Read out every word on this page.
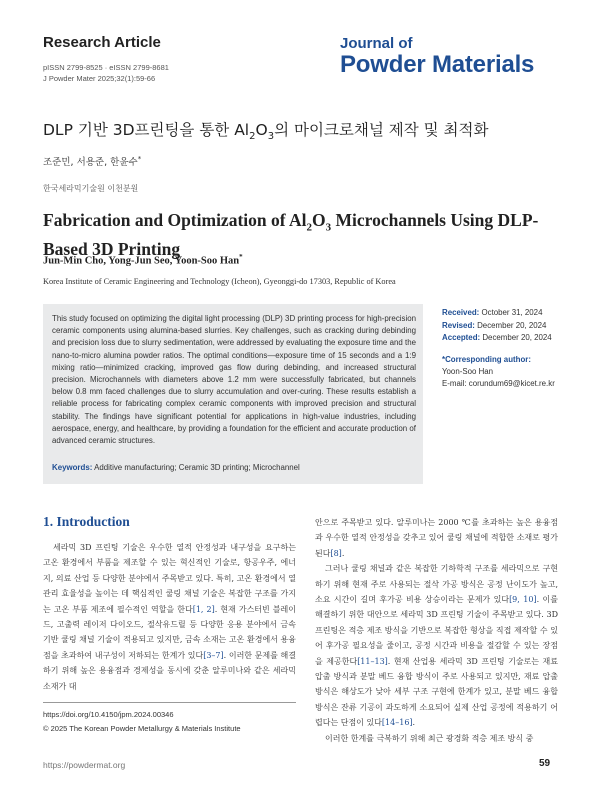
Research Article
pISSN 2799-8525 · eISSN 2799-8681
J Powder Mater 2025;32(1):59-66
Journal of
Powder Materials
DLP 기반 3D프린팅을 통한 $Al_2O_3$의 마이크로채널 제작 및 최적화
조준민, 서용준, 한윤수*
한국세라믹기술원 이천분원
Fabrication and Optimization of $Al_2O_3$ Microchannels Using DLP-Based 3D Printing
Jun-Min Cho, Yong-Jun Seo, Yoon-Soo Han*
Korea Institute of Ceramic Engineering and Technology (Icheon), Gyeonggi-do 17303, Republic of Korea
This study focused on optimizing the digital light processing (DLP) 3D printing process for high-precision ceramic components using alumina-based slurries. Key challenges, such as cracking during debinding and precision loss due to slurry sedimentation, were addressed by evaluating the exposure time and the nano-to-micro alumina powder ratios. The optimal conditions—exposure time of 15 seconds and a 1:9 mixing ratio—minimized cracking, improved gas flow during debinding, and increased structural precision. Microchannels with diameters above 1.2 mm were successfully fabricated, but channels below 0.8 mm faced challenges due to slurry accumulation and over-curing. These results establish a reliable process for fabricating complex ceramic components with improved precision and structural stability. The findings have significant potential for applications in high-value industries, including aerospace, energy, and healthcare, by providing a foundation for the efficient and accurate production of advanced ceramic structures.
Keywords: Additive manufacturing; Ceramic 3D printing; Microchannel
Received: October 31, 2024
Revised: December 20, 2024
Accepted: December 20, 2024
*Corresponding author:
Yoon-Soo Han
E-mail: corundum69@kicet.re.kr
1. Introduction

세라믹 3D 프린팅 기술은 우수한 열적 안정성과 내구성을 요구하는 고온 환경에서 부품을 제조할 수 있는 혁신적인 기술로, 항공우주, 에너지, 의료 산업 등 다양한 분야에서 주목받고 있다. 특히, 고온 환경에서 열 관리 효율성을 높이는 데 핵심적인 쿨링 채널 기술은 복잡한 구조를 가지는 고온 부품 제조에 필수적인 역할을 한다[1, 2]. 현재 가스터빈 블레이드, 고출력 레이저 다이오드, 절삭유드릴 등 다양한 응용 분야에서 금속 기반 쿨링 채널 기술이 적용되고 있지만, 금속 소재는 고온 환경에서 용융점을 초과하여 내구성이 저하되는 한계가 있다[3–7]. 이러한 문제를 해결하기 위해 높은 용융점과 경제성을 동시에 갖춘 알루미나와 같은 세라믹 소재가 대

안으로 주목받고 있다. 알루미나는 2000 ℃를 초과하는 높은 용융점과 우수한 열적 안정성을 갖추고 있어 쿨링 채널에 적합한 소재로 평가된다[8].

그러나 쿨링 채널과 같은 복잡한 기하학적 구조를 세라믹으로 구현하기 위해 현재 주로 사용되는 절삭 가공 방식은 공정 난이도가 높고, 소요 시간이 길며 후가공 비용 상승이라는 문제가 있다[9, 10]. 이를 해결하기 위한 대안으로 세라믹 3D 프린팅 기술이 주목받고 있다. 3D 프린팅은 적층 제조 방식을 기반으로 복잡한 형상을 직접 제작할 수 있어 후가공 필요성을 줄이고, 공정 시간과 비용을 절감할 수 있는 장점을 제공한다[11–13]. 현재 산업용 세라믹 3D 프린팅 기술로는 재료 압출 방식과 분말 베드 융합 방식이 주로 사용되고 있지만, 재료 압출 방식은 해상도가 낮아 세부 구조 구현에 한계가 있고, 분말 베드 융합 방식은 잔류 기공이 과도하게 소요되어 실제 산업 공정에 적용하기 어렵다는 단점이 있다[14–16].

이러한 한계를 극복하기 위해 최근 광경화 적층 제조 방식 중

https://doi.org/10.4150/jpm.2024.00346
© 2025 The Korean Powder Metallurgy & Materials Institute
https://powdermat.org	59
